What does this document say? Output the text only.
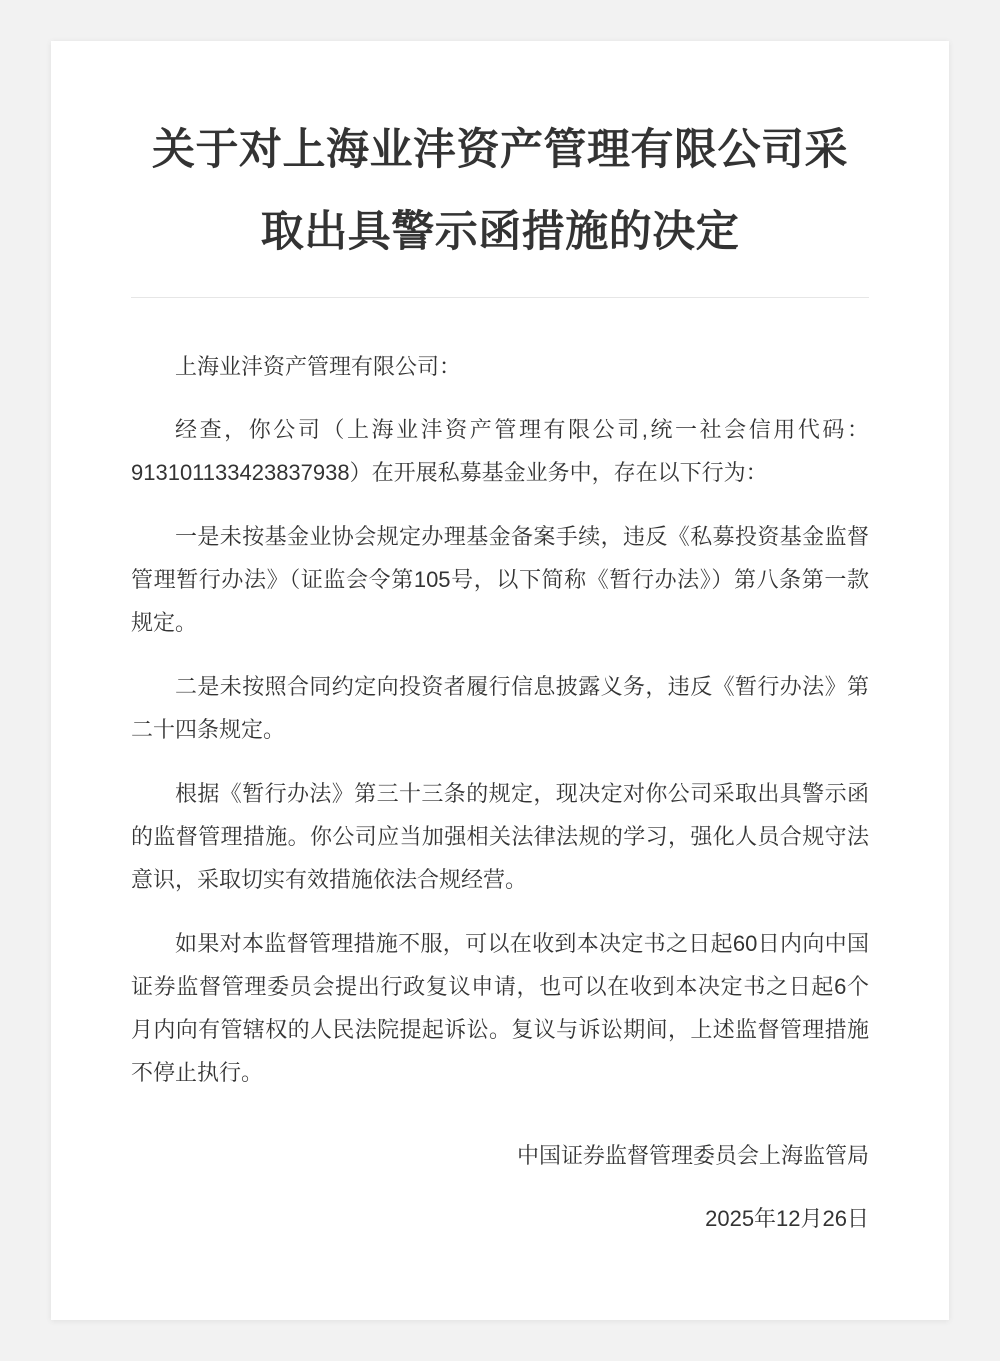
关于对上海业沣资产管理有限公司采取出具警示函措施的决定

上海业沣资产管理有限公司：

经查，你公司（上海业沣资产管理有限公司,统一社会信用代码：913101133423837938）在开展私募基金业务中，存在以下行为：

一是未按基金业协会规定办理基金备案手续，违反《私募投资基金监督管理暂行办法》（证监会令第105号，以下简称《暂行办法》）第八条第一款规定。

二是未按照合同约定向投资者履行信息披露义务，违反《暂行办法》第二十四条规定。

根据《暂行办法》第三十三条的规定，现决定对你公司采取出具警示函的监督管理措施。你公司应当加强相关法律法规的学习，强化人员合规守法意识，采取切实有效措施依法合规经营。

如果对本监督管理措施不服，可以在收到本决定书之日起60日内向中国证券监督管理委员会提出行政复议申请，也可以在收到本决定书之日起6个月内向有管辖权的人民法院提起诉讼。复议与诉讼期间，上述监督管理措施不停止执行。

中国证券监督管理委员会上海监管局
2025年12月26日
